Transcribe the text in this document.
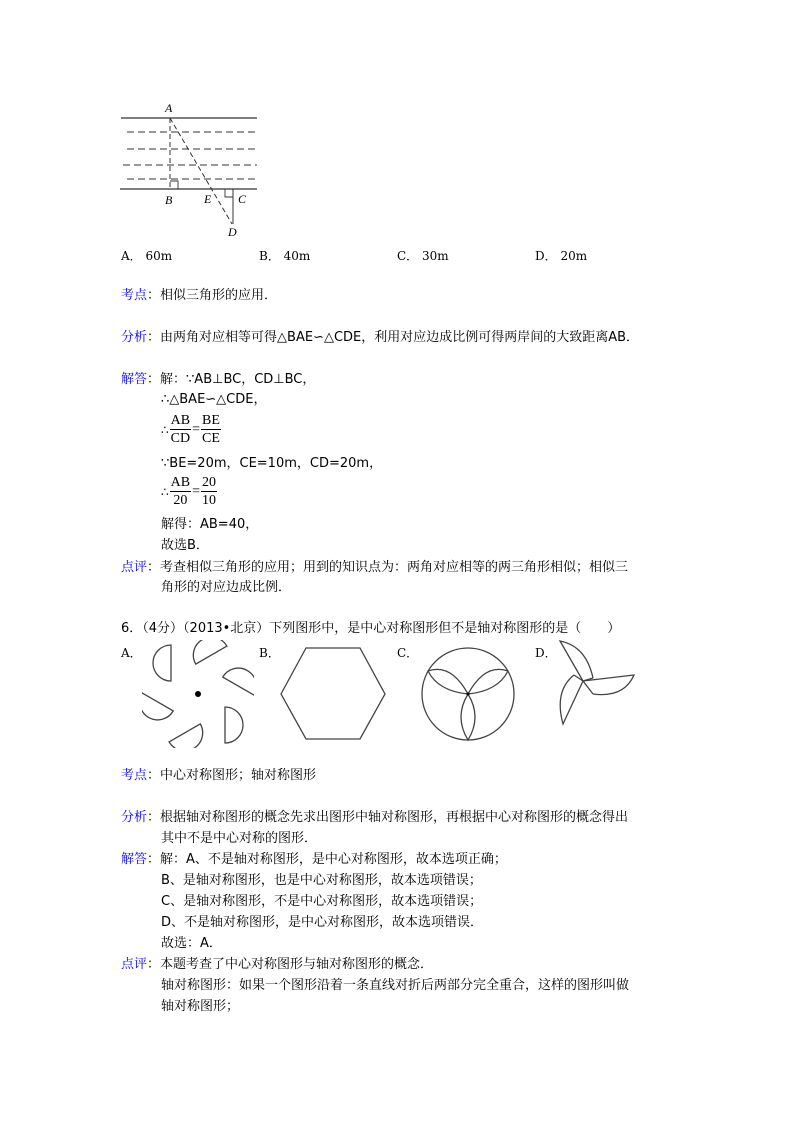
A
B	E C
D
A． 60m	B． 40m	C． 30m	D． 20m
考点：相似三角形的应用．
分析：由两角对应相等可得△BAE∽△CDE，利用对应边成比例可得两岸间的大致距离AB．
解答：解：∵AB⊥BC，CD⊥BC，
∴△BAE∽△CDE，
∴ $\frac{AB}{CD} = \frac{BE}{CE}$
∵BE=20m，CE=10m，CD=20m，
∴ $\frac{AB}{20} = \frac{20}{10}$
解得：AB=40，
故选B．
点评：考查相似三角形的应用；用到的知识点为：两角对应相等的两三角形相似；相似三
角形的对应边成比例．
6．（4分）（2013•北京）下列图形中，是中心对称图形但不是轴对称图形的是（　　）
A．	B．	C．	D．
考点：中心对称图形；轴对称图形
分析：根据轴对称图形的概念先求出图形中轴对称图形，再根据中心对称图形的概念得出
其中不是中心对称的图形．
解答：解：A、不是轴对称图形，是中心对称图形，故本选项正确；
B、是轴对称图形，也是中心对称图形，故本选项错误；
C、是轴对称图形，不是中心对称图形，故本选项错误；
D、不是轴对称图形，是中心对称图形，故本选项错误．
故选：A．
点评：本题考查了中心对称图形与轴对称图形的概念．
轴对称图形：如果一个图形沿着一条直线对折后两部分完全重合，这样的图形叫做
轴对称图形；
